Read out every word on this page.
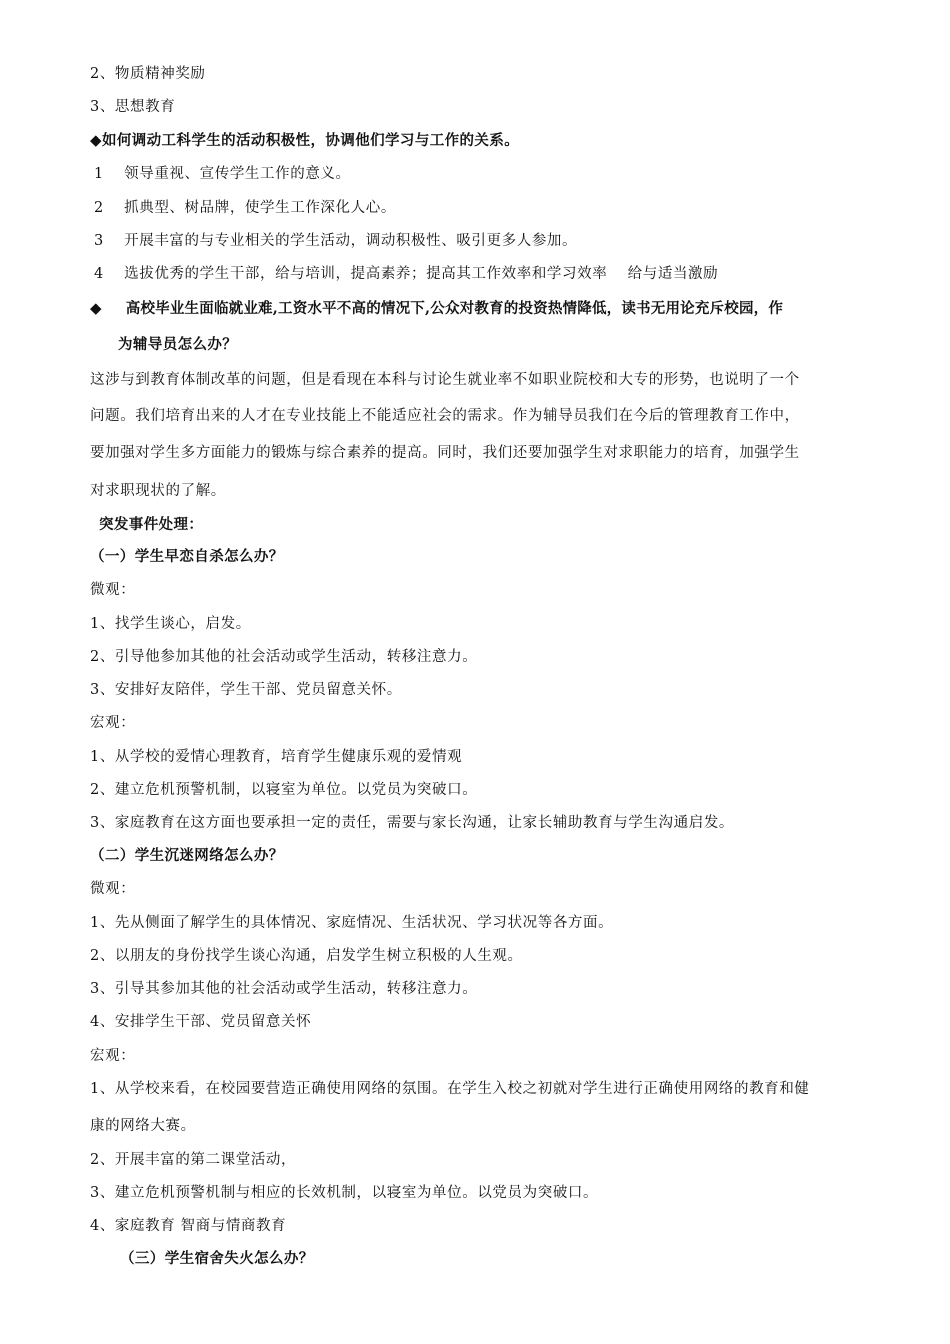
2、物质精神奖励
3、思想教育
◆如何调动工科学生的活动积极性，协调他们学习与工作的关系。
1　 领导重视、宣传学生工作的意义。
2　 抓典型、树品牌，使学生工作深化人心。
3　 开展丰富的与专业相关的学生活动，调动积极性、吸引更多人参加。
4　 选拔优秀的学生干部，给与培训，提高素养；提高其工作效率和学习效率　 给与适当激励
◆ 高校毕业生面临就业难,工资水平不高的情况下,公众对教育的投资热情降低，读书无用论充斥校园，作
为辅导员怎么办？
这涉与到教育体制改革的问题，但是看现在本科与讨论生就业率不如职业院校和大专的形势，也说明了一个
问题。我们培育出来的人才在专业技能上不能适应社会的需求。作为辅导员我们在今后的管理教育工作中，
要加强对学生多方面能力的锻炼与综合素养的提高。同时，我们还要加强学生对求职能力的培育，加强学生
对求职现状的了解。
突发事件处理：
（一）学生早恋自杀怎么办？
微观：
1、找学生谈心，启发。
2、引导他参加其他的社会活动或学生活动，转移注意力。
3、安排好友陪伴，学生干部、党员留意关怀。
宏观：
1、从学校的爱情心理教育，培育学生健康乐观的爱情观
2、建立危机预警机制，以寝室为单位。以党员为突破口。
3、家庭教育在这方面也要承担一定的责任，需要与家长沟通，让家长辅助教育与学生沟通启发。
（二）学生沉迷网络怎么办？
微观：
1、先从侧面了解学生的具体情况、家庭情况、生活状况、学习状况等各方面。
2、以朋友的身份找学生谈心沟通，启发学生树立积极的人生观。
3、引导其参加其他的社会活动或学生活动，转移注意力。
4、安排学生干部、党员留意关怀
宏观：
1、从学校来看，在校园要营造正确使用网络的氛围。在学生入校之初就对学生进行正确使用网络的教育和健
康的网络大赛。
2、开展丰富的第二课堂活动，
3、建立危机预警机制与相应的长效机制，以寝室为单位。以党员为突破口。
4、家庭教育 智商与情商教育
（三）学生宿舍失火怎么办？
